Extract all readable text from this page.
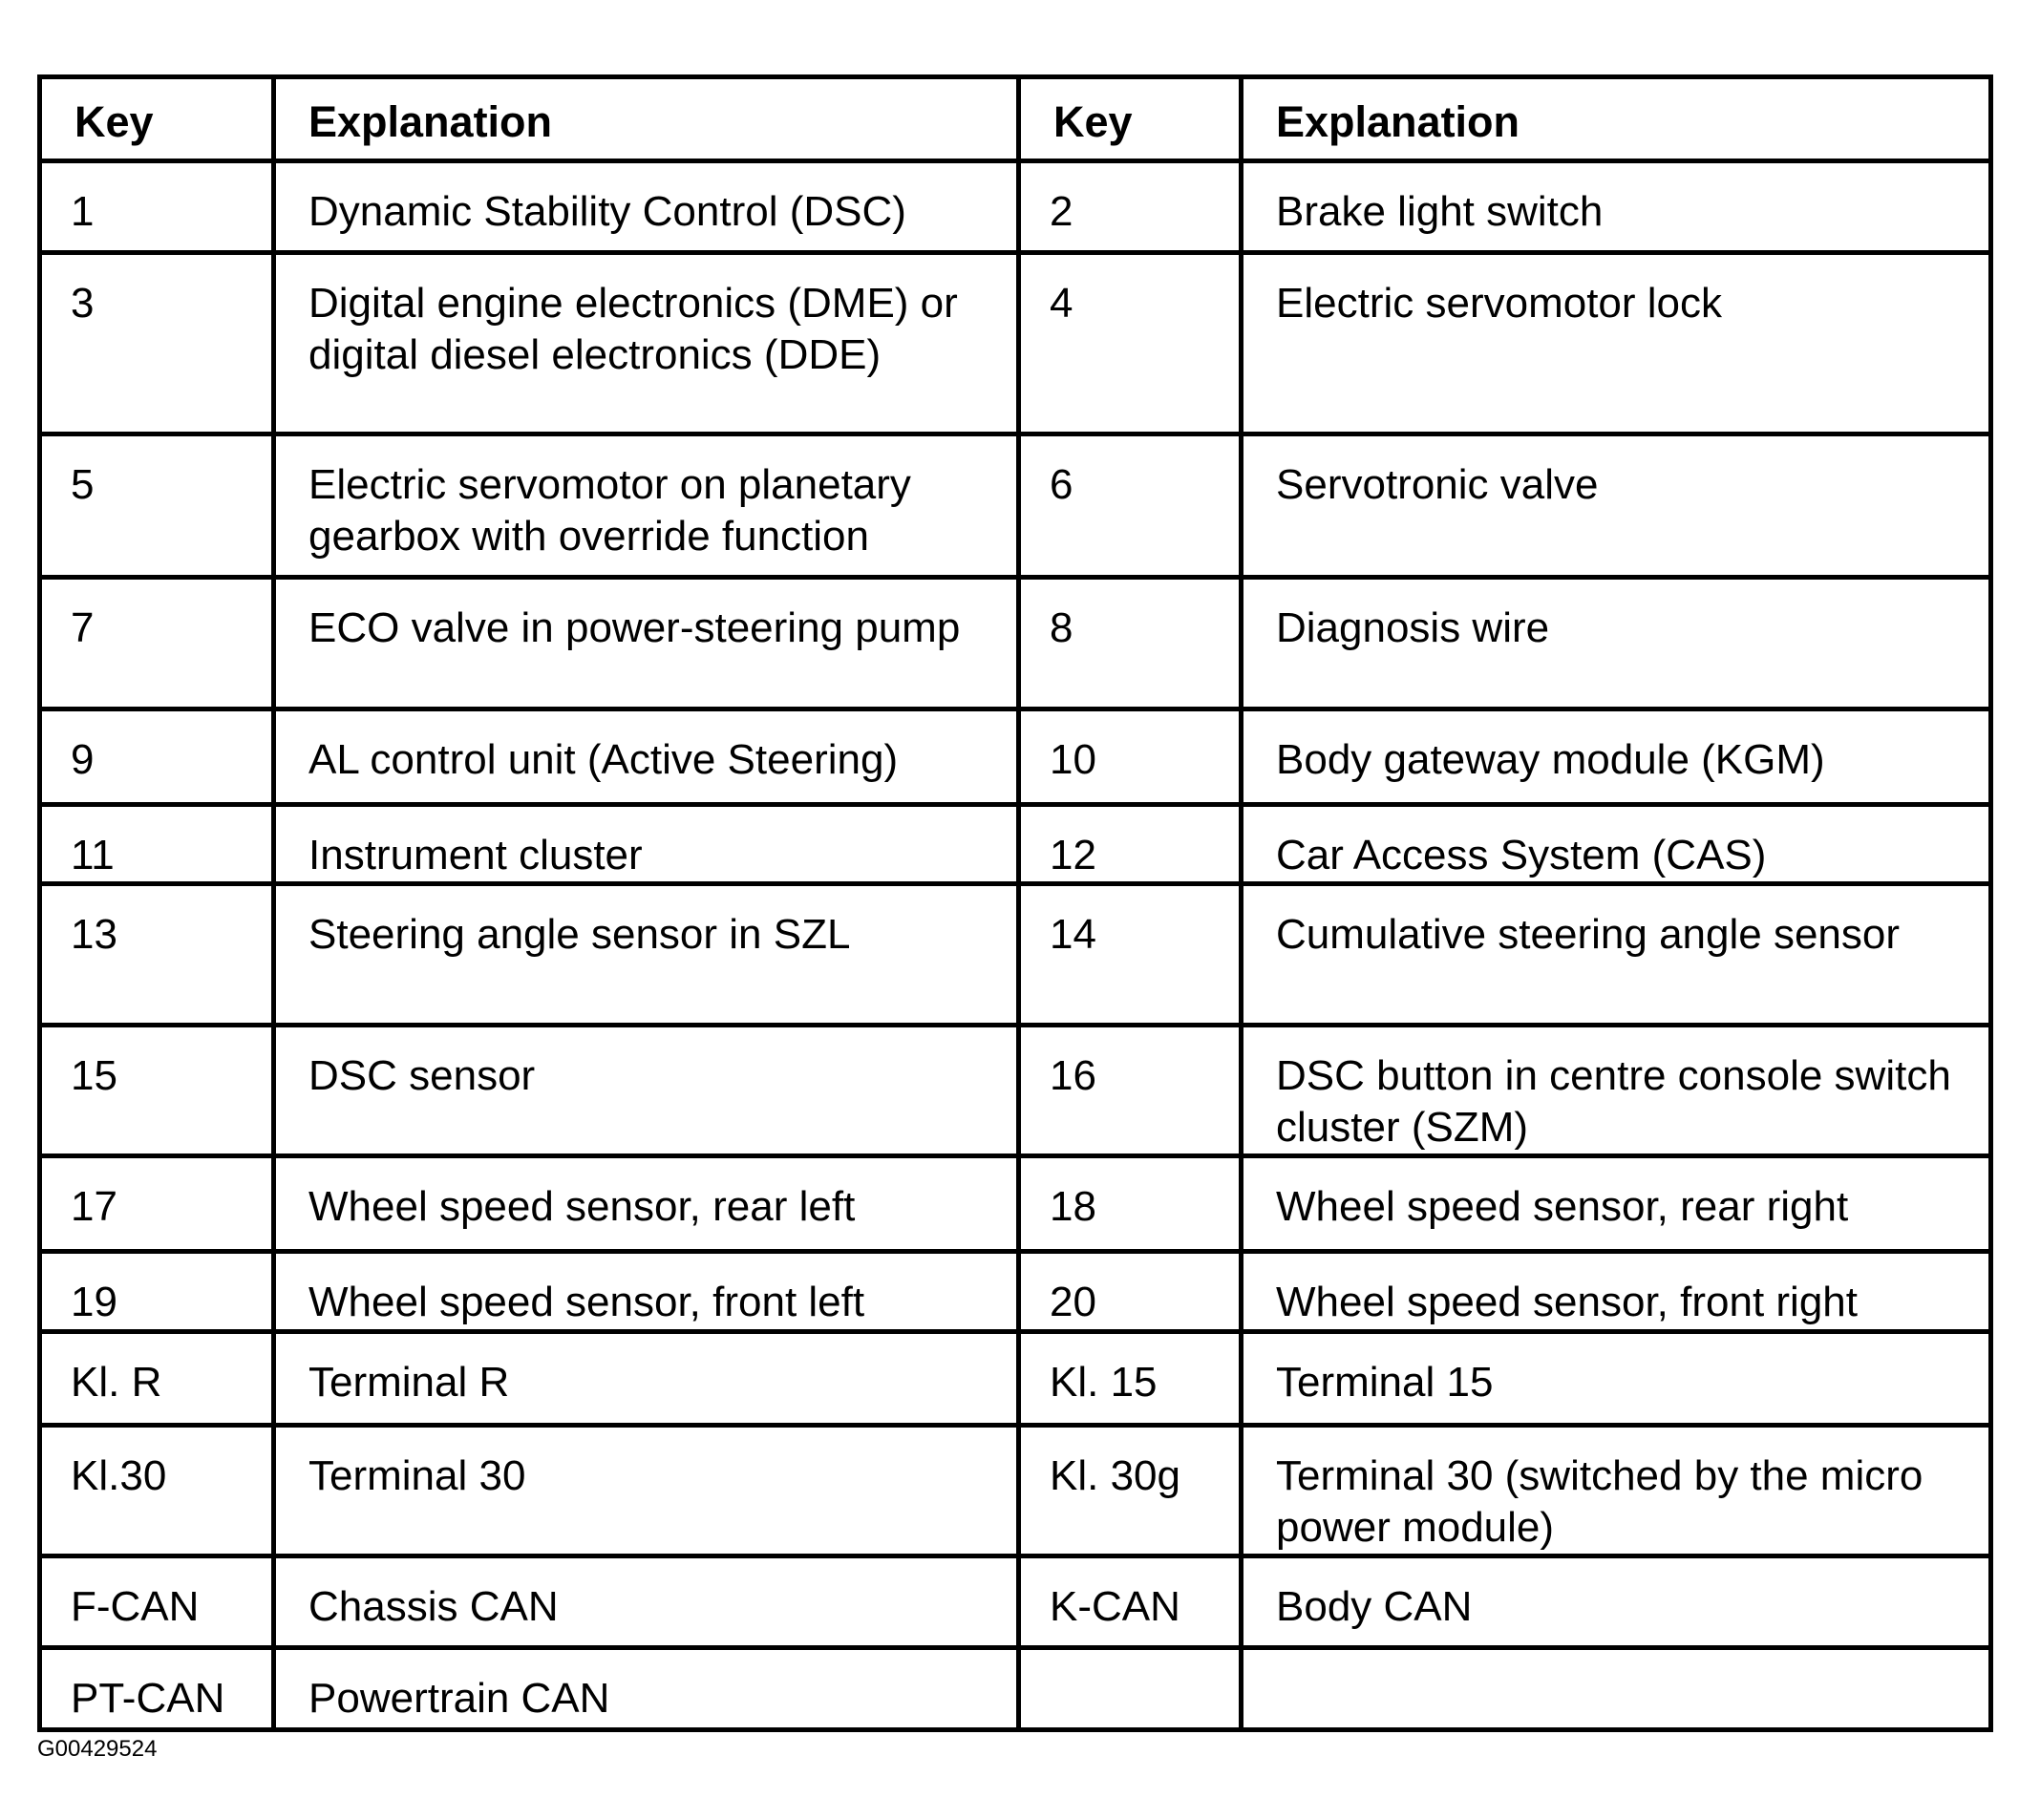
Key	Explanation	Key	Explanation
1	Dynamic Stability Control (DSC)	2	Brake light switch
3	Digital engine electronics (DME) or digital diesel electronics (DDE)	4	Electric servomotor lock
5	Electric servomotor on planetary gearbox with override function	6	Servotronic valve
7	ECO valve in power-steering pump	8	Diagnosis wire
9	AL control unit (Active Steering)	10	Body gateway module (KGM)
11	Instrument cluster	12	Car Access System (CAS)
13	Steering angle sensor in SZL	14	Cumulative steering angle sensor
15	DSC sensor	16	DSC button in centre console switch cluster (SZM)
17	Wheel speed sensor, rear left	18	Wheel speed sensor, rear right
19	Wheel speed sensor, front left	20	Wheel speed sensor, front right
Kl. R	Terminal R	Kl. 15	Terminal 15
Kl.30	Terminal 30	Kl. 30g	Terminal 30 (switched by the micro power module)
F-CAN	Chassis CAN	K-CAN	Body CAN
PT-CAN	Powertrain CAN		
G00429524
